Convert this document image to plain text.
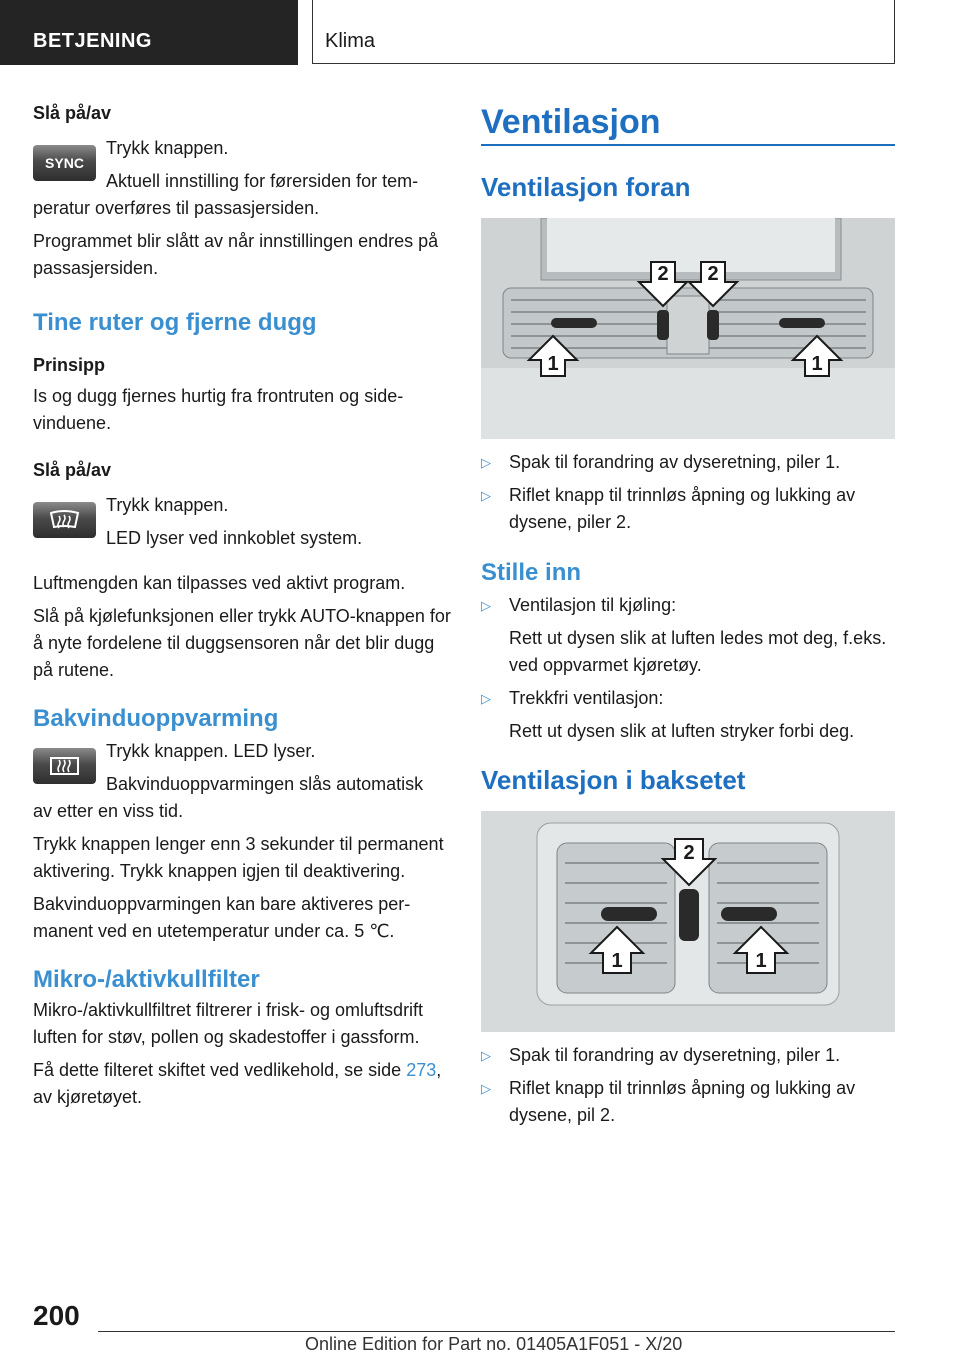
BETJENING	Klima

Slå på/av

SYNC

Trykk knappen.

Aktuell innstilling for førersiden for tem-

peratur overføres til passasjersiden.

Programmet blir slått av når innstillingen endres på passasjersiden.

Tine ruter og fjerne dugg

Prinsipp

Is og dugg fjernes hurtig fra frontruten og sidevinduene.

Slå på/av

Trykk knappen.

LED lyser ved innkoblet system.

Luftmengden kan tilpasses ved aktivt program.

Slå på kjølefunksjonen eller trykk AUTO-knappen for å nyte fordelene til duggsensoren når det blir dugg på rutene.

Bakvinduoppvarming

Trykk knappen. LED lyser.

Bakvinduoppvarmingen slås automatisk

av etter en viss tid.

Trykk knappen lenger enn 3 sekunder til permanent aktivering. Trykk knappen igjen til deaktivering.

Bakvinduoppvarmingen kan bare aktiveres permanent ved en utetemperatur under ca. 5 ℃.

Mikro-/aktivkullfilter

Mikro-/aktivkullfiltret filtrerer i frisk- og omluftsdrift luften for støv, pollen og skadestoffer i gassform.

Få dette filteret skiftet ved vedlikehold, se side 273, av kjøretøyet.

Ventilasjon
Ventilasjon foran
1	1
2 2
▷ Spak til forandring av dyseretning, piler 1.
▷ Riflet knapp til trinnløs åpning og lukking av dysene, piler 2.
Stille inn
▷ Ventilasjon til kjøling:

Rett ut dysen slik at luften ledes mot deg, f.eks. ved oppvarmet kjøretøy.

▷ Trekkfri ventilasjon:

Rett ut dysen slik at luften stryker forbi deg.

Ventilasjon i baksetet
1	1
2
▷ Spak til forandring av dyseretning, piler 1.
▷ Riflet knapp til trinnløs åpning og lukking av dysene, pil 2.
200
Online Edition for Part no. 01405A1F051 - X/20
